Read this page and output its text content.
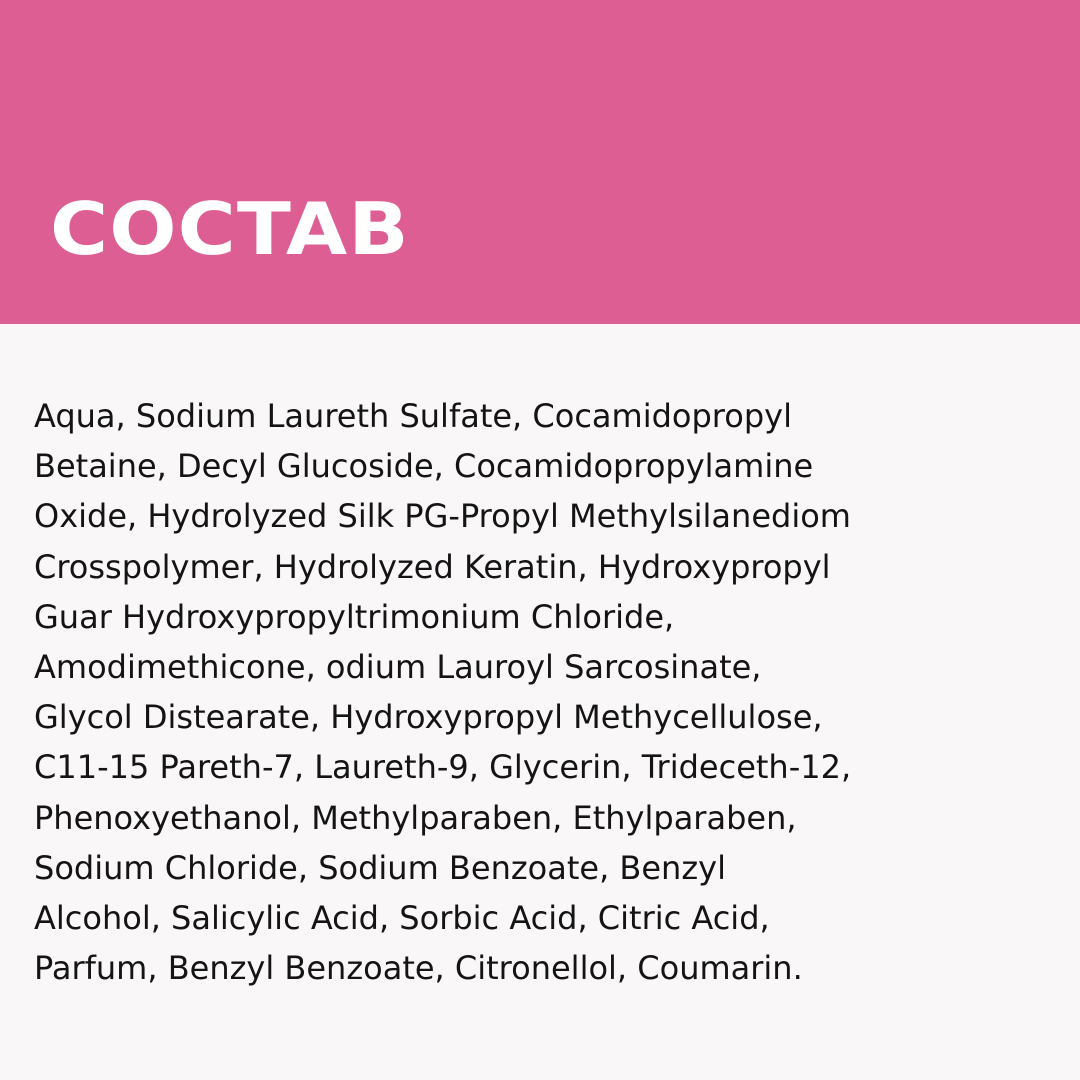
COCTAB

Aqua, Sodium Laureth Sulfate, Cocamidopropyl
Betaine, Decyl Glucoside, Cocamidopropylamine
Oxide, Hydrolyzed Silk PG-Propyl Methylsilanediom
Crosspolymer, Hydrolyzed Keratin, Hydroxypropyl
Guar Hydroxypropyltrimonium Chloride,
Amodimethicone, odium Lauroyl Sarcosinate,
Glycol Distearate, Hydroxypropyl Methycellulose,
C11-15 Pareth-7, Laureth-9, Glycerin, Trideceth-12,
Phenoxyethanol, Methylparaben, Ethylparaben,
Sodium Chloride, Sodium Benzoate, Benzyl
Alcohol, Salicylic Acid, Sorbic Acid, Citric Acid,
Parfum, Benzyl Benzoate, Citronellol, Coumarin.
